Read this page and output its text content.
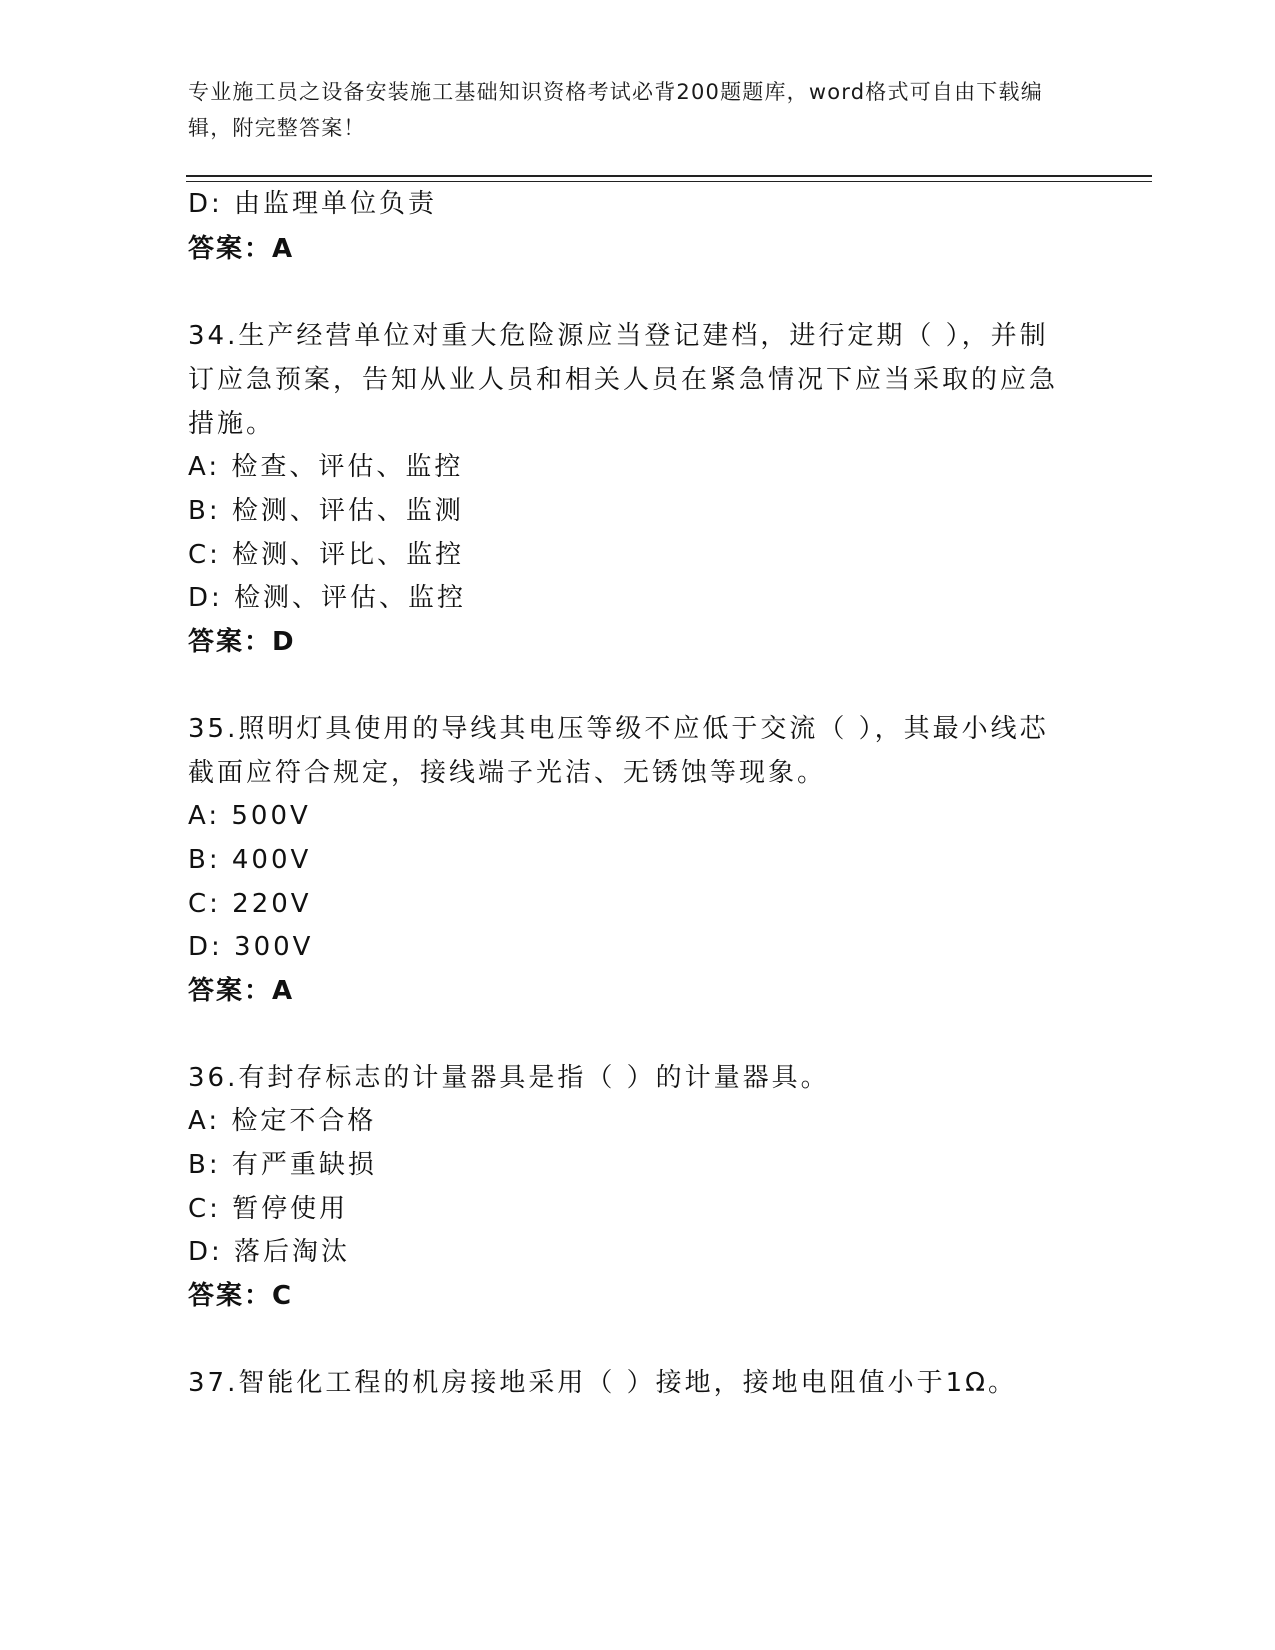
专业施工员之设备安装施工基础知识资格考试必背200题题库，word格式可自由下载编辑，附完整答案！
D: 由监理单位负责
答案：A
34.生产经营单位对重大危险源应当登记建档，进行定期（ ），并制
订应急预案，告知从业人员和相关人员在紧急情况下应当采取的应急
措施。
A: 检查、评估、监控
B: 检测、评估、监测
C: 检测、评比、监控
D: 检测、评估、监控
答案：D
35.照明灯具使用的导线其电压等级不应低于交流（ ），其最小线芯
截面应符合规定，接线端子光洁、无锈蚀等现象。
A: 500V
B: 400V
C: 220V
D: 300V
答案：A
36.有封存标志的计量器具是指（ ）的计量器具。
A: 检定不合格
B: 有严重缺损
C: 暂停使用
D: 落后淘汰
答案：C
37.智能化工程的机房接地采用（ ）接地，接地电阻值小于1Ω。
